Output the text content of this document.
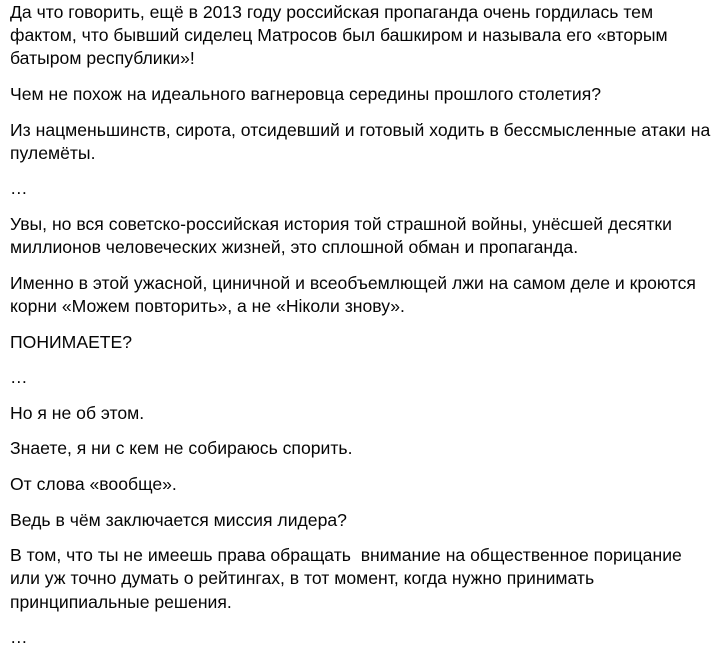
Да что говорить, ещё в 2013 году российская пропаганда очень гордилась тем фактом, что бывший сиделец Матросов был башкиром и называла его «вторым батыром республики»!

Чем не похож на идеального вагнеровца середины прошлого столетия?

Из нацменьшинств, сирота, отсидевший и готовый ходить в бессмысленные атаки на пулемёты.

…

Увы, но вся советско-российская история той страшной войны, унёсшей десятки миллионов человеческих жизней, это сплошной обман и пропаганда.

Именно в этой ужасной, циничной и всеобъемлющей лжи на самом деле и кроются корни «Можем повторить», а не «Ніколи знову».

ПОНИМАЕТЕ?

…

Но я не об этом.

Знаете, я ни с кем не собираюсь спорить.

От слова «вообще».

Ведь в чём заключается миссия лидера?

В том, что ты не имеешь права обращать  внимание на общественное порицание или уж точно думать о рейтингах, в тот момент, когда нужно принимать принципиальные решения.

…
